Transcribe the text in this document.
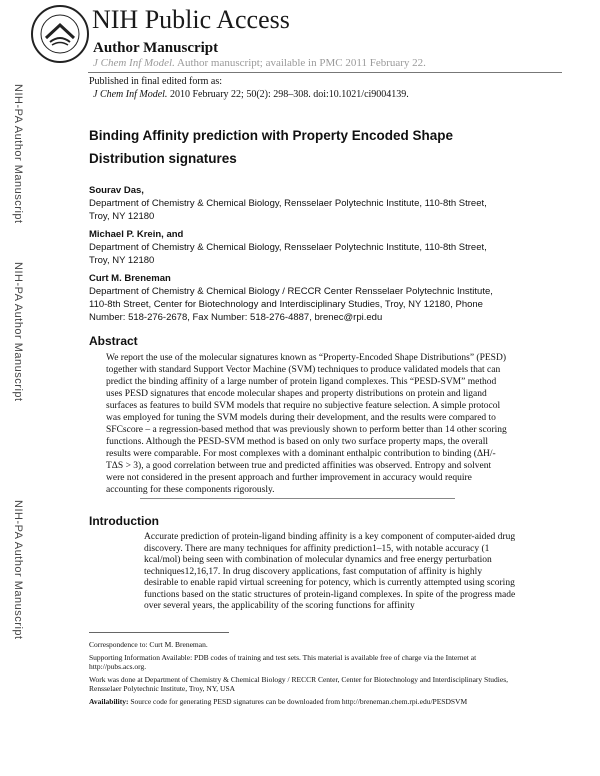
NIH Public Access
Author Manuscript
J Chem Inf Model. Author manuscript; available in PMC 2011 February 22.
Published in final edited form as:
J Chem Inf Model. 2010 February 22; 50(2): 298–308. doi:10.1021/ci9004139.
NIH-PA Author Manuscript
NIH-PA Author Manuscript
NIH-PA Author Manuscript
Binding Affinity prediction with Property Encoded Shape
Distribution signatures
Sourav Das,
Department of Chemistry & Chemical Biology, Rensselaer Polytechnic Institute, 110-8th Street, Troy, NY 12180
Michael P. Krein, and
Department of Chemistry & Chemical Biology, Rensselaer Polytechnic Institute, 110-8th Street, Troy, NY 12180
Curt M. Breneman
Department of Chemistry & Chemical Biology / RECCR Center Rensselaer Polytechnic Institute, 110-8th Street, Center for Biotechnology and Interdisciplinary Studies, Troy, NY 12180, Phone Number: 518-276-2678, Fax Number: 518-276-4887, brenec@rpi.edu
Abstract
We report the use of the molecular signatures known as “Property-Encoded Shape Distributions” (PESD) together with standard Support Vector Machine (SVM) techniques to produce validated models that can predict the binding affinity of a large number of protein ligand complexes. This “PESD-SVM” method uses PESD signatures that encode molecular shapes and property distributions on protein and ligand surfaces as features to build SVM models that require no subjective feature selection. A simple protocol was employed for tuning the SVM models during their development, and the results were compared to SFCscore – a regression-based method that was previously shown to perform better than 14 other scoring functions. Although the PESD-SVM method is based on only two surface property maps, the overall results were comparable. For most complexes with a dominant enthalpic contribution to binding (ΔH/-TΔS > 3), a good correlation between true and predicted affinities was observed. Entropy and solvent were not considered in the present approach and further improvement in accuracy would require accounting for these components rigorously.
Introduction
Accurate prediction of protein-ligand binding affinity is a key component of computer-aided drug discovery. There are many techniques for affinity prediction1–15, with notable accuracy (1 kcal/mol) being seen with combination of molecular dynamics and free energy perturbation techniques12,16,17. In drug discovery applications, fast computation of affinity is highly desirable to enable rapid virtual screening for potency, which is currently attempted using scoring functions based on the static structures of protein-ligand complexes. In spite of the progress made over several years, the applicability of the scoring functions for affinity

Correspondence to: Curt M. Breneman.

Supporting Information Available: PDB codes of training and test sets. This material is available free of charge via the Internet at http://pubs.acs.org.

Work was done at Department of Chemistry & Chemical Biology / RECCR Center, Center for Biotechnology and Interdisciplinary Studies, Rensselaer Polytechnic Institute, Troy, NY, USA

Availability: Source code for generating PESD signatures can be downloaded from http://breneman.chem.rpi.edu/PESDSVM
